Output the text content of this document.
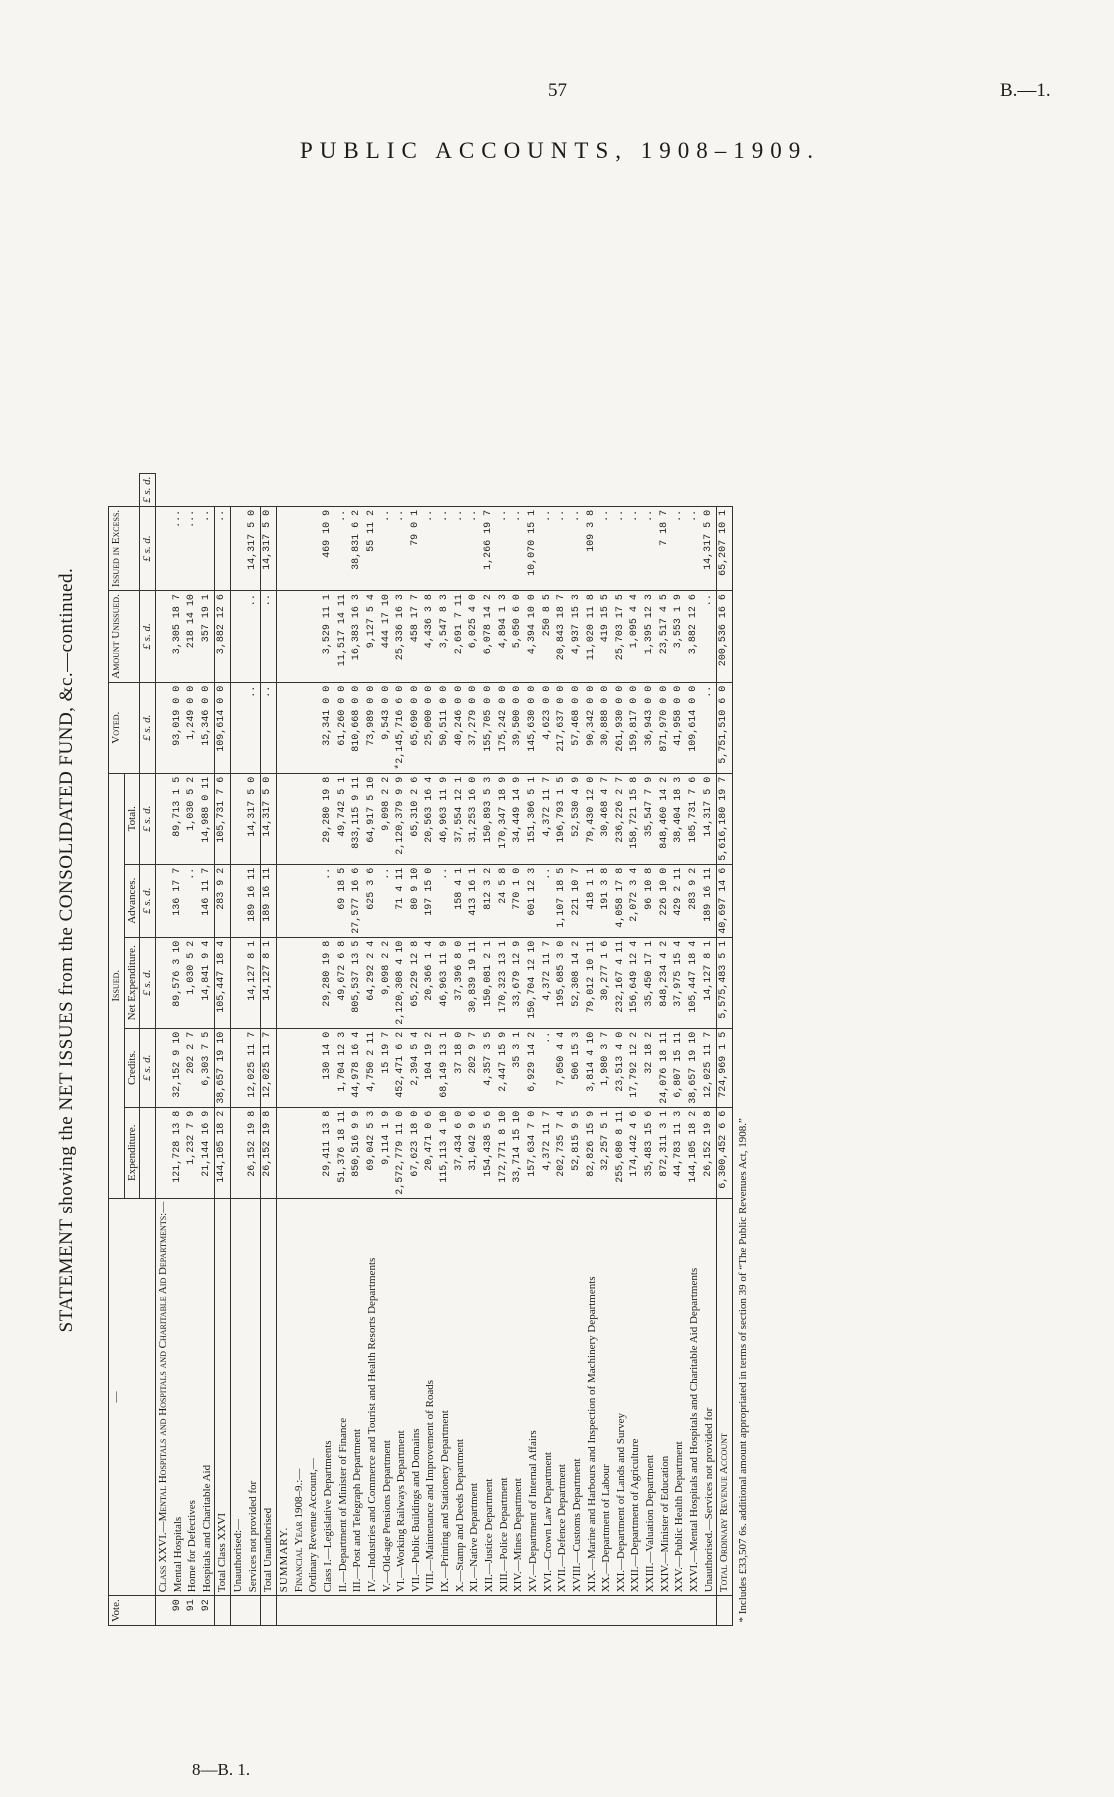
57	B.—1.
PUBLIC ACCOUNTS, 1908–1909.
STATEMENT showing the NET ISSUES from the CONSOLIDATED FUND, &c.—continued.
Vote.	—	Issued.					Voted.	Amount Unissued.	Issued in Excess.	
		Expenditure.	Credits.	Net Expenditure.	Advances.	Total.				
			£ s. d.	£ s. d.	£ s. d.	£ s. d.	£ s. d.	£ s. d.	£ s. d.	£ s. d.
	Class XXVI.—Mental Hospitals and Hospitals and Charitable Aid Departments:—									
90	Mental Hospitals	121,728 13 8	32,152 9 10	89,576 3 10	136 17 7	89,713 1 5	93,019 0 0	3,305 18 7	...	
91	Home for Defectives	1,232 7 9	202 2 7	1,030 5 2	..	1,030 5 2	1,249 0 0	218 14 10	...	
92	Hospitals and Charitable Aid	21,144 16 9	6,303 7 5	14,841 9 4	146 11 7	14,988 0 11	15,346 0 0	357 19 1	..	
	Total Class XXVI	144,105 18 2	38,657 19 10	105,447 18 4	283 9 2	105,731 7 6	109,614 0 0	3,882 12 6	..	
	Unauthorised:—									
	Services not provided for	26,152 19 8	12,025 11 7	14,127 8 1	189 16 11	14,317 5 0	..	..	14,317 5 0	
	Total Unauthorised	26,152 19 8	12,025 11 7	14,127 8 1	189 16 11	14,317 5 0	..	..	14,317 5 0	
	SUMMARY.									
	Financial Year 1908–9.:—									
	Ordinary Revenue Account,—									
	Class I.—Legislative Departments	29,411 13 8	130 14 0	29,280 19 8	..	29,280 19 8	32,341 0 0	3,529 11 1	469 10 9	
	II.—Department of Minister of Finance	51,376 18 11	1,704 12 3	49,672 6 8	69 18 5	49,742 5 1	61,260 0 0	11,517 14 11	..	
	III.—Post and Telegraph Department	850,516 9 9	44,978 16 4	805,537 13 5	27,577 16 6	833,115 9 11	810,668 0 0	16,383 16 3	38,831 6 2	
	IV.—Industries and Commerce and Tourist and Health Resorts Departments	69,042 5 3	4,750 2 11	64,292 2 4	625 3 6	64,917 5 10	73,989 0 0	9,127 5 4	55 11 2	
	V.—Old-age Pensions Department	9,114 1 9	15 19 7	9,098 2 2	..	9,098 2 2	9,543 0 0	444 17 10	..	
	VI.—Working Railways Department	2,572,779 11 0	452,471 6 2	2,120,308 4 10	71 4 11	2,120,379 9 9	*2,145,716 6 0	25,336 16 3	..	
	VII.—Public Buildings and Domains	67,623 18 0	2,394 5 4	65,229 12 8	80 9 10	65,310 2 6	65,690 0 0	458 17 7	79 0 1	
	VIII.—Maintenance and Improvement of Roads	20,471 0 6	104 19 2	20,366 1 4	197 15 0	20,563 16 4	25,000 0 0	4,436 3 8	..	
	IX.—Printing and Stationery Department	115,113 4 10	68,149 13 1	46,963 11 9	..	46,963 11 9	50,511 0 0	3,547 8 3	..	
	X.—Stamp and Deeds Department	37,434 6 0	37 18 0	37,396 8 0	158 4 1	37,554 12 1	40,246 0 0	2,691 7 11	..	
	XI.—Native Department	31,042 9 6	202 9 7	30,839 19 11	413 16 1	31,253 16 0	37,279 0 0	6,025 4 0	..	
	XII.—Justice Department	154,438 5 6	4,357 3 5	150,081 2 1	812 3 2	150,893 5 3	155,705 0 0	6,078 14 2	1,266 19 7	
	XIII.—Police Department	172,771 8 10	2,447 15 9	170,323 13 1	24 5 8	170,347 18 9	175,242 0 0	4,894 1 3	..	
	XIV.—Mines Department	33,714 15 10	35 3 1	33,679 12 9	770 1 0	34,449 14 9	39,500 0 0	5,050 6 0	..	
	XV.—Department of Internal Affairs	157,634 7 0	6,929 14 2	150,704 12 10	601 12 3	151,306 5 1	145,630 0 0	4,394 10 0	10,070 15 1	
	XVI.—Crown Law Department	4,372 11 7	..	4,372 11 7	..	4,372 11 7	4,623 0 0	250 8 5	..	
	XVII.—Defence Department	202,735 7 4	7,050 4 4	195,685 3 0	1,107 18 5	196,793 1 5	217,637 0 0	20,843 18 7	..	
	XVIII.—Customs Department	52,815 9 5	506 15 3	52,308 14 2	221 10 7	52,530 4 9	57,468 0 0	4,937 15 3	..	
	XIX.—Marine and Harbours and Inspection of Machinery Departments	82,826 15 9	3,814 4 10	79,012 10 11	418 1 1	79,430 12 0	90,342 0 0	11,020 11 8	109 3 8	
	XX.—Department of Labour	32,257 5 1	1,980 3 7	30,277 1 6	191 3 8	30,468 4 7	30,888 0 0	419 15 5	..	
	XXI.—Department of Lands and Survey	255,680 8 11	23,513 4 0	232,167 4 11	4,058 17 8	236,226 2 7	261,930 0 0	25,703 17 5	..	
	XXII.—Department of Agriculture	174,442 4 6	17,792 12 2	156,649 12 4	2,072 3 4	158,721 15 8	159,817 0 0	1,095 4 4	..	
	XXIII.—Valuation Department	35,483 15 6	32 18 2	35,450 17 1	96 10 8	35,547 7 9	36,943 0 0	1,395 12 3	..	
	XXIV.—Minister of Education	872,311 3 1	24,076 18 11	848,234 4 2	226 10 0	848,460 14 2	871,970 0 0	23,517 4 5	7 18 7	
	XXV.—Public Health Department	44,783 11 3	6,807 15 11	37,975 15 4	429 2 11	38,404 18 3	41,958 0 0	3,553 1 9	..	
	XXVI.—Mental Hospitals and Hospitals and Charitable Aid Departments	144,105 18 2	38,657 19 10	105,447 18 4	283 9 2	105,731 7 6	109,614 0 0	3,882 12 6	..	
	Unauthorised.—Services not provided for	26,152 19 8	12,025 11 7	14,127 8 1	189 16 11	14,317 5 0	..	..	14,317 5 0	
	Total Ordinary Revenue Account	6,300,452 6 6	724,969 1 5	5,575,483 5 1	40,697 14 6	5,616,180 19 7	5,751,510 6 0	200,536 16 6	65,207 10 1	
* Includes £33,507 6s. additional amount appropriated in terms of section 39 of “The Public Revenues Act, 1908.”										
8—B. 1.
